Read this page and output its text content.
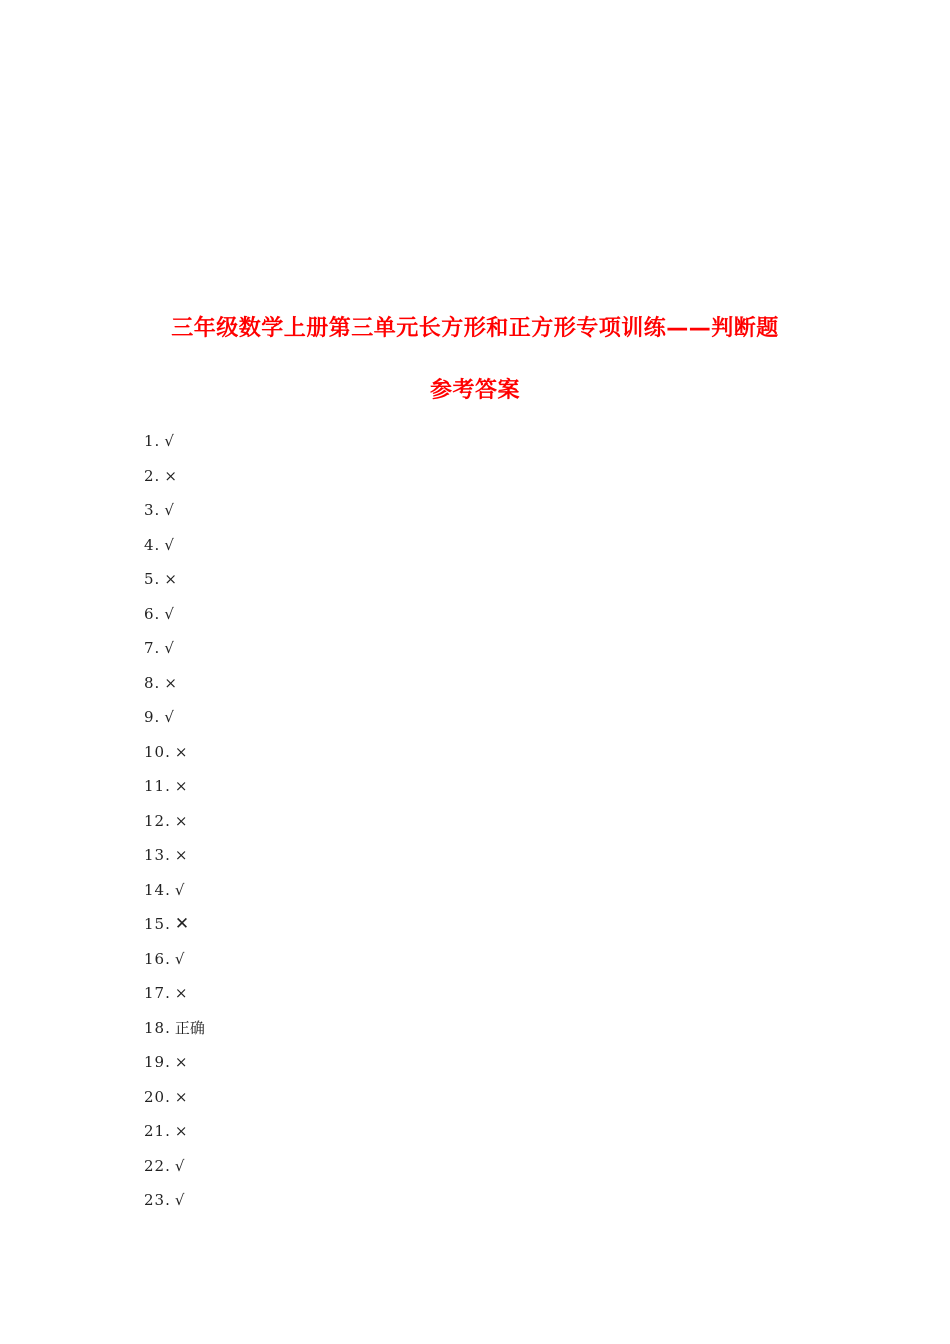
三年级数学上册第三单元长方形和正方形专项训练——判断题
参考答案
1. √
2. ×
3. √
4. √
5. ×
6. √
7. √
8. ×
9. √
10. ×
11. ×
12. ×
13. ×
14. √
15. ✕
16. √
17. ×
18. 正确
19. ×
20. ×
21. ×
22. √
23. √
